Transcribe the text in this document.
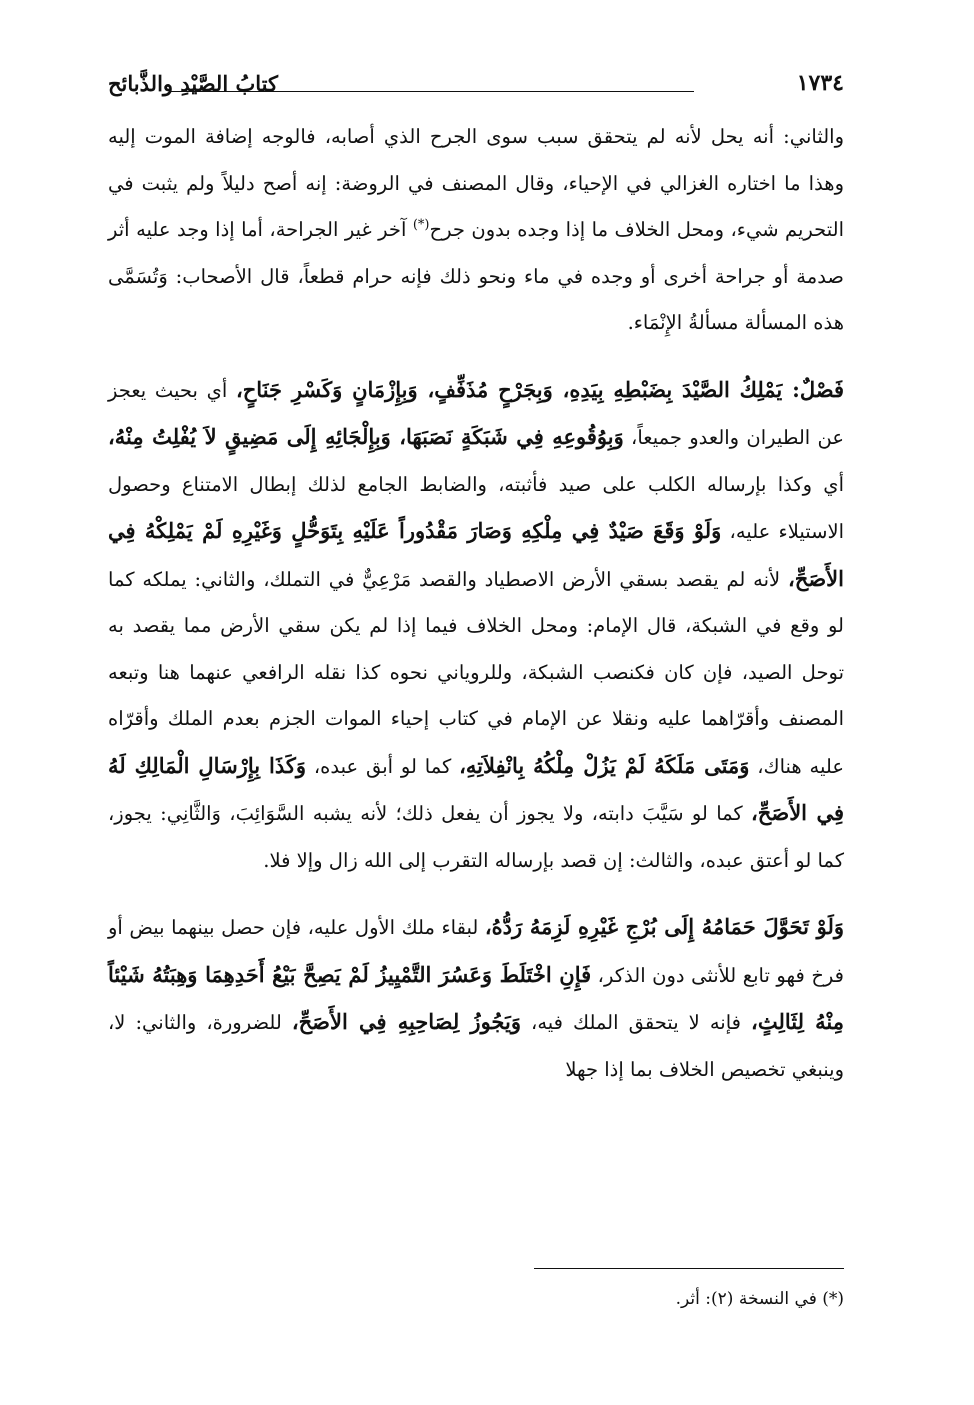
١٧٣٤
كتابُ الصَّيْدِ والذَّبائح

والثاني: أنه يحل لأنه لم يتحقق سبب سوى الجرح الذي أصابه، فالوجه إضافة الموت إليه وهذا ما اختاره الغزالي في الإحياء، وقال المصنف في الروضة: إنه أصح دليلاً ولم يثبت في التحريم شيء، ومحل الخلاف ما إذا وجده بدون جرح(*) آخر غير الجراحة، أما إذا وجد عليه أثر صدمة أو جراحة أخرى أو وجده في ماء ونحو ذلك فإنه حرام قطعاً، قال الأصحاب: وَتُسَمَّى هذه المسألة مسألةُ الإِنْمَاء.

فَصْلٌ: يَمْلِكُ الصَّيْدَ بِضَبْطِهِ بِيَدِهِ، وَبِجَرْحٍ مُذَفِّفٍ، وَبِإِزْمَانٍ وَكَسْرِ جَنَاحٍ، أي بحيث يعجز عن الطيران والعدو جميعاً، وَبِوُقُوعِهِ فِي شَبَكَةٍ نَصَبَهَا، وَبِإِلْجَائِهِ إِلَى مَضِيقٍ لاَ يُفْلِتُ مِنْهُ، أي وكذا بإرساله الكلب على صيد فأثبته، والضابط الجامع لذلك إبطال الامتناع وحصول الاستيلاء عليه، وَلَوْ وَقَعَ صَيْدٌ فِي مِلْكِهِ وَصَارَ مَقْدُوراً عَلَيْهِ بِتَوَحُّلٍ وَغَيْرِهِ لَمْ يَمْلِكْهُ فِي الأَصَحِّ، لأنه لم يقصد بسقي الأرض الاصطياد والقصد مَرْعِيٌّ في التملك، والثاني: يملكه كما لو وقع في الشبكة، قال الإمام: ومحل الخلاف فيما إذا لم يكن سقي الأرض مما يقصد به توحل الصيد، فإن كان فكنصب الشبكة، وللروياني نحوه كذا نقله الرافعي عنهما هنا وتبعه المصنف وأقرّاهما عليه ونقلا عن الإمام في كتاب إحياء الموات الجزم بعدم الملك وأقرّاه عليه هناك، وَمَتَى مَلَكَهُ لَمْ يَزُلْ مِلْكُهُ بِانْفِلاَتِهِ، كما لو أبق عبده، وَكَذَا بِإِرْسَالِ الْمَالِكِ لَهُ فِي الأَصَحِّ، كما لو سَيَّبَ دابته، ولا يجوز أن يفعل ذلك؛ لأنه يشبه السَّوَائِبَ، وَالثَّانِي: يجوز، كما لو أعتق عبده، والثالث: إن قصد بإرساله التقرب إلى الله زال وإلا فلا.

وَلَوْ تَحَوَّلَ حَمَامُهُ إِلَى بُرْجِ غَيْرِهِ لَزِمَهُ رَدُّهُ، لبقاء ملك الأول عليه، فإن حصل بينهما بيض أو فرخ فهو تابع للأنثى دون الذكر، فَإِنِ اخْتَلَطَ وَعَسُرَ التَّمْيِيزُ لَمْ يَصِحَّ بَيْعُ أَحَدِهِمَا وَهِبَتُهُ شَيْئاً مِنْهُ لِثَالِثٍ، فإنه لا يتحقق الملك فيه، وَيَجُوزُ لِصَاحِبِهِ فِي الأَصَحِّ، للضرورة، والثاني: لا، وينبغي تخصيص الخلاف بما إذا جهلا

(*) في النسخة (٢): أثر.
